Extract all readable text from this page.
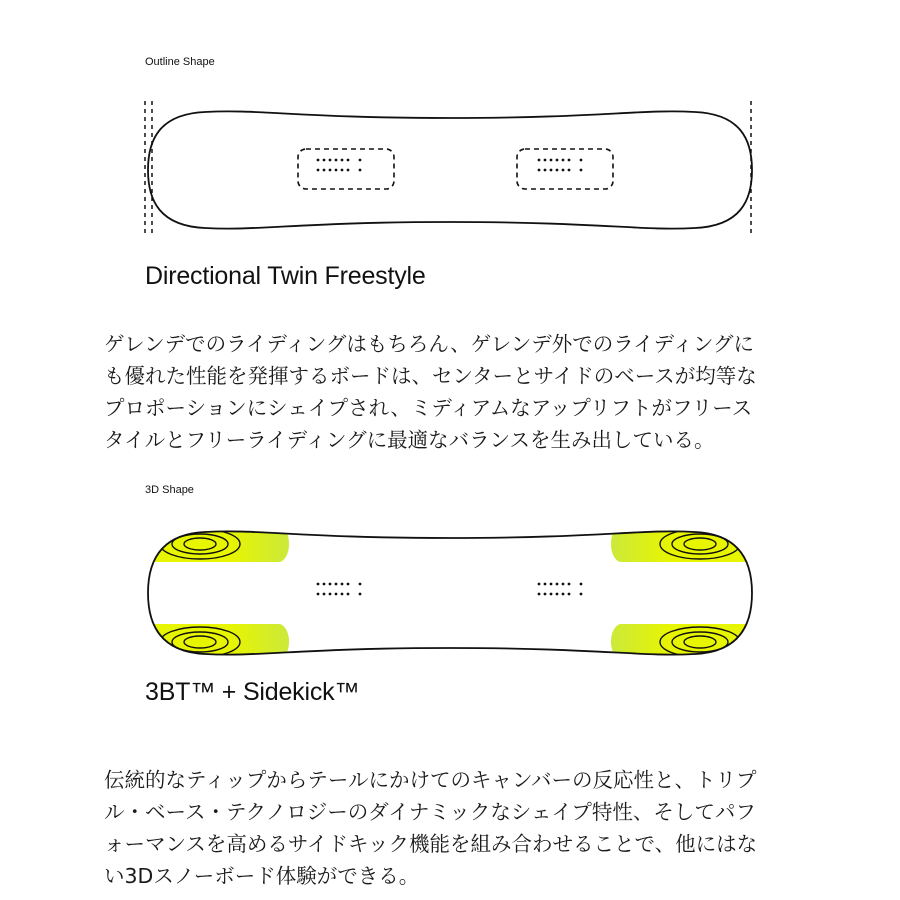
Outline Shape
Directional Twin Freestyle
ゲレンデでのライディングはもちろん、ゲレンデ外でのライディングに
も優れた性能を発揮するボードは、センターとサイドのベースが均等な
プロポーションにシェイプされ、ミディアムなアップリフトがフリース
タイルとフリーライディングに最適なバランスを生み出している。
3D Shape
3BT™ + Sidekick™
伝統的なティップからテールにかけてのキャンバーの反応性と、トリプ
ル・ベース・テクノロジーのダイナミックなシェイプ特性、そしてパフ
ォーマンスを高めるサイドキック機能を組み合わせることで、他にはな
い3Dスノーボード体験ができる。
